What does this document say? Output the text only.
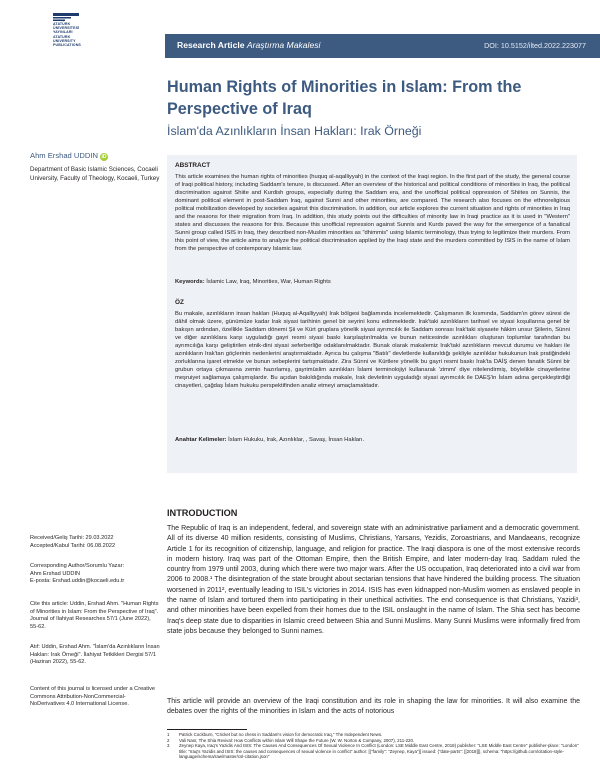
ATATÜRK
ÜNİVERSİTESİ
YAYINLARI
ATATURK
UNIVERSITY
PUBLICATIONS	Research Article Araştırma Makalesi	DOI: 10.5152/ilted.2022.223077
Human Rights of Minorities in Islam: From the Perspective of Iraq
İslam'da Azınlıkların İnsan Hakları: Irak Örneği
Ahm Ershad UDDIN iD
Department of Basic Islamic Sciences, Cocaeli University, Faculty of Theology, Kocaeli, Turkey
ABSTRACT

This article examines the human rights of minorities (huquq al-aqalliyyah) in the context of the Iraqi region. In the first part of the study, the general course of Iraqi political history, including Saddam's tenure, is discussed. After an overview of the historical and political conditions of minorities in Iraq, the political discrimination against Shiite and Kurdish groups, especially during the Saddam era, and the unofficial political oppression of Shiites on Sunnis, the dominant political element in post-Saddam Iraq, against Sunni and other minorities, are compared. The research also focuses on the ethnoreligious political mobilization developed by societies against this discrimination. In addition, our article explores the current situation and rights of minorities in Iraq and the reasons for their migration from Iraq. In addition, this study points out the difficulties of minority law in Iraqi practice as it is used in "Western" states and discusses the reasons for this. Because this unofficial repression against Sunnis and Kurds paved the way for the emergence of a fanatical Sunni group called ISIS in Iraq, they described non-Muslim minorities as "dhimmis" using Islamic terminology, thus trying to legitimize their murders. From this point of view, the article aims to analyze the political discrimination applied by the Iraqi state and the murders committed by ISIS in the name of Islam from the perspective of contemporary Islamic law.

Keywords: İslamic Law, Iraq, Minorities, War, Human Rights
ÖZ

Bu makale, azınlıkların insan hakları (Huquq al-Aqalliyyah) Irak bölgesi bağlamında incelemektedir. Çalışmanın ilk kısmında, Saddam'ın görev süresi de dâhil olmak üzere, günümüze kadar Irak siyasi tarihinin genel bir seyrini konu edinmektedir. Irak'taki azınlıkların tarihsel ve siyasi koşullarına genel bir bakışın ardından, özellikle Saddam dönemi Şii ve Kürt gruplara yönelik siyasi ayrımcılık ile Saddam sonrası Irak'taki siyasete hâkim unsur Şiilerin, Sünni ve diğer azınlıklara karşı uyguladığı gayri resmi siyasi baskı karşılaştırılmakta ve bunun neticesinde azınlıkları oluşturan toplumlar tarafından bu ayrımcılığa karşı geliştirilen etnik-dini siyasi seferberliğe odaklanılmaktadır. Bunak olarak makalemiz Irak'taki azınlıkların mevcut durumu ve hakları ile azınlıkların Irak'tan göçlerinin nedenlerini araştırmaktadır. Ayrıca bu çalışma "Batılı" devletlerde kullanıldığı şekliyle azınlıklar hukukunun Irak pratiğindeki zorluklarına işaret etmekte ve bunun sebeplerini tartışmaktadır. Zira Sünni ve Kürtlere yönelik bu gayri resmi baskı Irak'ta DAİŞ denen fanatik Sünni bir grubun ortaya çıkmasına zemin hazırlamış, gayrimüslim azınlıkları İslami terminolojiyi kullanarak 'zimmi' diye nitelendirmiş, böylelikle cinayetlerine meşruiyet sağlamaya çalışmışlardır. Bu açıdan bakıldığında makale, Irak devletinin uyguladığı siyasi ayrımcılık ile DAEŞ'in İslam adına gerçekleştirdiği cinayetleri, çağdaş İslam hukuku perspektifinden analiz etmeyi amaçlamaktadır.

Anahtar Kelimeler: İslam Hukuku, Irak, Azınlıklar, , Savaş, İnsan Hakları.
Received/Geliş Tarihi: 29.03.2022
Accepted/Kabul Tarihi: 06.08.2022
Corresponding Author/Sorumlu Yazar:
Ahm Ershad UDDIN
E-posta: Ershad.uddin@kocaeli.edu.tr
Cite this article: Uddin, Ershad Ahm. "Human Rights of Minorities in Islam: From the Perspective of Iraq". Journal of Ilahiyat Researches 57/1 (June 2022), 55-62.
Atıf: Uddin, Ershad Ahm. "İslam'da Azınlıkların İnsan Hakları: Irak Örneği". İlahiyat Tetkikleri Dergisi 57/1 (Haziran 2022), 55-62.
Content of this journal is licensed under a Creative Commons Attribution-NonCommercial-NoDerivatives 4.0 International License.
INTRODUCTION

The Republic of Iraq is an independent, federal, and sovereign state with an administrative parliament and a democratic government. All of its diverse 40 million residents, consisting of Muslims, Christians, Yarsans, Yezidis, Zoroastrians, and Mandaeans, recognize Article 1 for its recognition of citizenship, language, and religion for practice. The Iraqi diaspora is one of the most extensive records in modern history. Iraq was part of the Ottoman Empire, then the British Empire, and later modern-day Iraq. Saddam ruled the country from 1979 until 2003, during which there were two major wars. After the US occupation, Iraq deteriorated into a civil war from 2006 to 2008.¹ The disintegration of the state brought about sectarian tensions that have hindered the building process. The situation worsened in 2011², eventually leading to ISIL's victories in 2014. ISIS has even kidnapped non-Muslim women as enslaved people in the name of Islam and tortured them into participating in their unethical activities. The end consequence is that Christians, Yazidi³, and other minorities have been expelled from their homes due to the ISIL onslaught in the name of Islam. The Shia sect has become Iraq's deep state due to disparities in Islamic creed between Shia and Sunni Muslims. Many Sunni Muslims were informally fired from state jobs because they belonged to Sunni names.

This article will provide an overview of the Iraqi constitution and its role in shaping the law for minorities. It will also examine the debates over the rights of the minorities in Islam and the acts of notorious

1	Patrick Cockburn, "Cricket but no chess in Saddam's vision for democratic Iraq," The Independent News.
2	Vali Nasr, The Shia Revival: How Conflicts within Islam Will Shape the Future (W. W. Norton & Company, 2007), 211-220.
3	Zeynep Kaya, Iraq's Yazidis And ISIS: The Causes And Consequences Of Sexual Violence In Conflict (London: LSE Middle East Centre, 2018) publisher: "LSE Middle East Centre" publisher-place: "London" title: "Iraq's Yazidis and ISIS: the causes and consequences of sexual violence in conflict" author: [{"family": "Zeynep, Kaya"}] issued: {"date-parts": [[2018]]}, schema: "https://github.com/citation-style-language/schema/raw/master/csl-citation.json"
